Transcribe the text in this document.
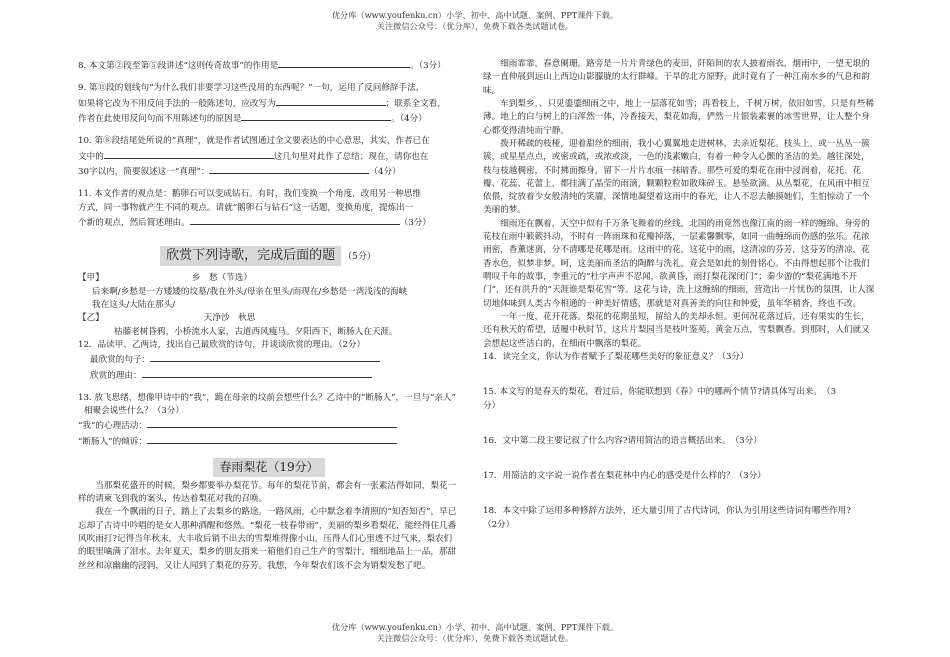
优分库（www.youfenku.cn）小学、初中、高中试题、案例、PPT课件下载。
关注微信公众号：（优分库），免费下载各类试题试卷。

8. 本文第②段至第⑤段讲述“这则传奇故事”的作用是	。（3分）

9. 第⑪段的划线句“为什么我们非要学习这些没用的东西呢？”一句，运用了反问修辞手法，

如果将它改为不用反问手法的一般陈述句，应改写为	；联系全文看，

作者在此使用反问句而不用陈述句的原因是	。（4分）

10. 第⑧段结尾处所说的“真理”，就是作者试图通过全文要表达的中心意思，其实，作者已在

文中的	这几句里对此作了总结；现在，请你也在

30字以内，简要叙述这一“真理”：	（4分）

11. 本文作者的观点是：鹅卵石可以变成钻石。有时，我们变换一个角度，改用另一种思维

方式，同一事物就产生不同的观点。请就“鹅卵石与钻石”这一话题，变换角度，提炼出一

个新的观点，然后简述理由。	（3分）

欣赏下列诗歌，完成后面的题 （5分）

【甲】	乡　愁（节选）

后来啊/乡愁是一方矮矮的坟墓/我在外头/母亲在里头/而现在/乡愁是一湾浅浅的海峡

我在这头/大陆在那头/

【乙】	天净沙　秋思

枯藤老树昏鸦，小桥流水人家，古道西风瘦马。夕阳西下，断肠人在天涯。

12．品读甲、乙两诗，找出自己最欣赏的诗句，并谈谈欣赏的理由。（2分）

最欣赏的句子：

欣赏的理由：

13. 放飞思绪，想像甲诗中的“我”，跪在母亲的坟前会想些什么？乙诗中的“断肠人”，一旦与“亲人”

相聚会说些什么？（3分）

“我”的心理活动：

“断肠人”的倾诉：

春雨梨花（19分）

当那梨花盛开的时候，梨乡都要举办梨花节。每年的梨花节前，都会有一张素洁得如同，梨花一样的请柬飞到我的案头，传达着梨花对我的召唤。

我在一个飘雨的日子，踏上了去梨乡的路途。一路风雨，心中默念着李清照的“知否知否”，早已忘却了古诗中吟唱的是女人那种酒醒和悠然。“梨花一枝春带雨”，美丽的梨乡看梨花，能经得住几番风吹雨打?记得当年秋末，大丰收后销不出去的雪梨堆得像小山，压得人们心里透不过气来，梨农们的眼里噙满了泪水。去年夏天，梨乡的朋友捎来一箱他们自己生产的雪梨汁，细细地品上一品，那甜丝丝和凉幽幽的浸润，又让人闻到了梨花的芬芳。我想，今年梨农们该不会为销梨发愁了吧。

细雨霏霏，春意阑珊。路旁是一片片青绿色的麦田，阡陌间的农人披着雨衣，烟雨中，一望无垠的绿一直伸展到远山上西边山影朦胧的太行群峰。干旱的北方原野，此时竟有了一种江南水乡的气息和韵味。

车到梨乡，、只见鎏鎏细雨之中，地上一层落花如雪；再看枝上，千树万树，依旧如雪，只是有些稀薄。地上的白与树上的白浑然一体，冷香接天，梨花如海，俨然一片银装素裹的冰雪世界，让人整个身心都变得清纯而宁静。

拨开稀疏的枝桠，迎着甜丝的细雨，我小心翼翼地走进树林，去亲近梨花。枝头上，或一丛丛一簇簇，或星星点点，或密或疏，或浓或淡，一色的浅素嫩白，有着一种令人心颤的圣洁的美。越往深处，枝与枝越稠密，不时拂面擦身，留下一片片水痕一抹暗香。那些可爱的梨花在雨中浸润着，花托、花瓣、花蕊、花蕾上，都挂满了晶莹的雨滴，颗颗粒粒如散珠碎玉。悬坠欲滴。从丛梨花，在风雨中相互依偎，绽放着少女般清纯的笑靥，深情地凝望着这雨中的春光，让人不忍去触摸她们，生怕惊动了一个美丽的梦。

细雨还在飘着，天空中似有千万条飞舞着的丝线，北国的雨竟然也像江南的雨一样的缠绵。身旁的花枝在雨中簌簌抖动，不时有一阵雨珠和花瓣掉落，一层素馨飘零，如同一曲缠绵而伤感的弦乐。花浓雨密，香薰迷离，分不清哪是花哪是雨。这雨中的花，这花中的雨，这清凉的芬芳，这芬芳的清凉，花香水色，似梦非梦。呵，这美丽而圣洁的陶醉与洗礼，竟会是如此的刻骨铭心。不由得想起那个让我们喟叹千年的故事，李重元的“杜宇声声不忍闻，欲黄昏，雨打梨花深闭门”；秦少游的“梨花满地不开门”，还有洪升的“天涯谁是梨花雪”等。这花与诗，洗上这缠绵的细雨，营造出一片忧伤的氛围，让人深切地体味到人类古今相通的一种美好情感，那就是对真善美的向往和钟爱，虽年华稍沓，终也不改。

一年一度，花开花落。梨花的花期虽短，留给人的美却永恒。更何况花落过后，还有果实的生长，还有秋天的希望，适履中秋时节，这片片梨园当是枝叶鉴苑，黄金万点，雪梨飘香。到那时，人们就又会想起这些洁白的，在细雨中飘落的梨花。

14．读完全文，你认为作者赋予了梨花哪些美好的象征意义？（3分）

15. 本文写的是春天的梨花，看过后，你能联想到《春》中的哪两个情节?请具体写出来。　（3

分）

16．文中第二段主要记叙了什么内容?请用简洁的语言概括出来。　（3分）

17．用简洁的文字说一说作者在梨花林中内心的感受是什么样的？（3分）

18．本文中除了运用多种修辞方法外，还大量引用了古代诗词，你认为引用这些诗词有哪些作用?

（2分）

优分库（www.youfenku.cn）小学、初中、高中试题、案例、PPT课件下载。
关注微信公众号：（优分库），免费下载各类试题试卷。
